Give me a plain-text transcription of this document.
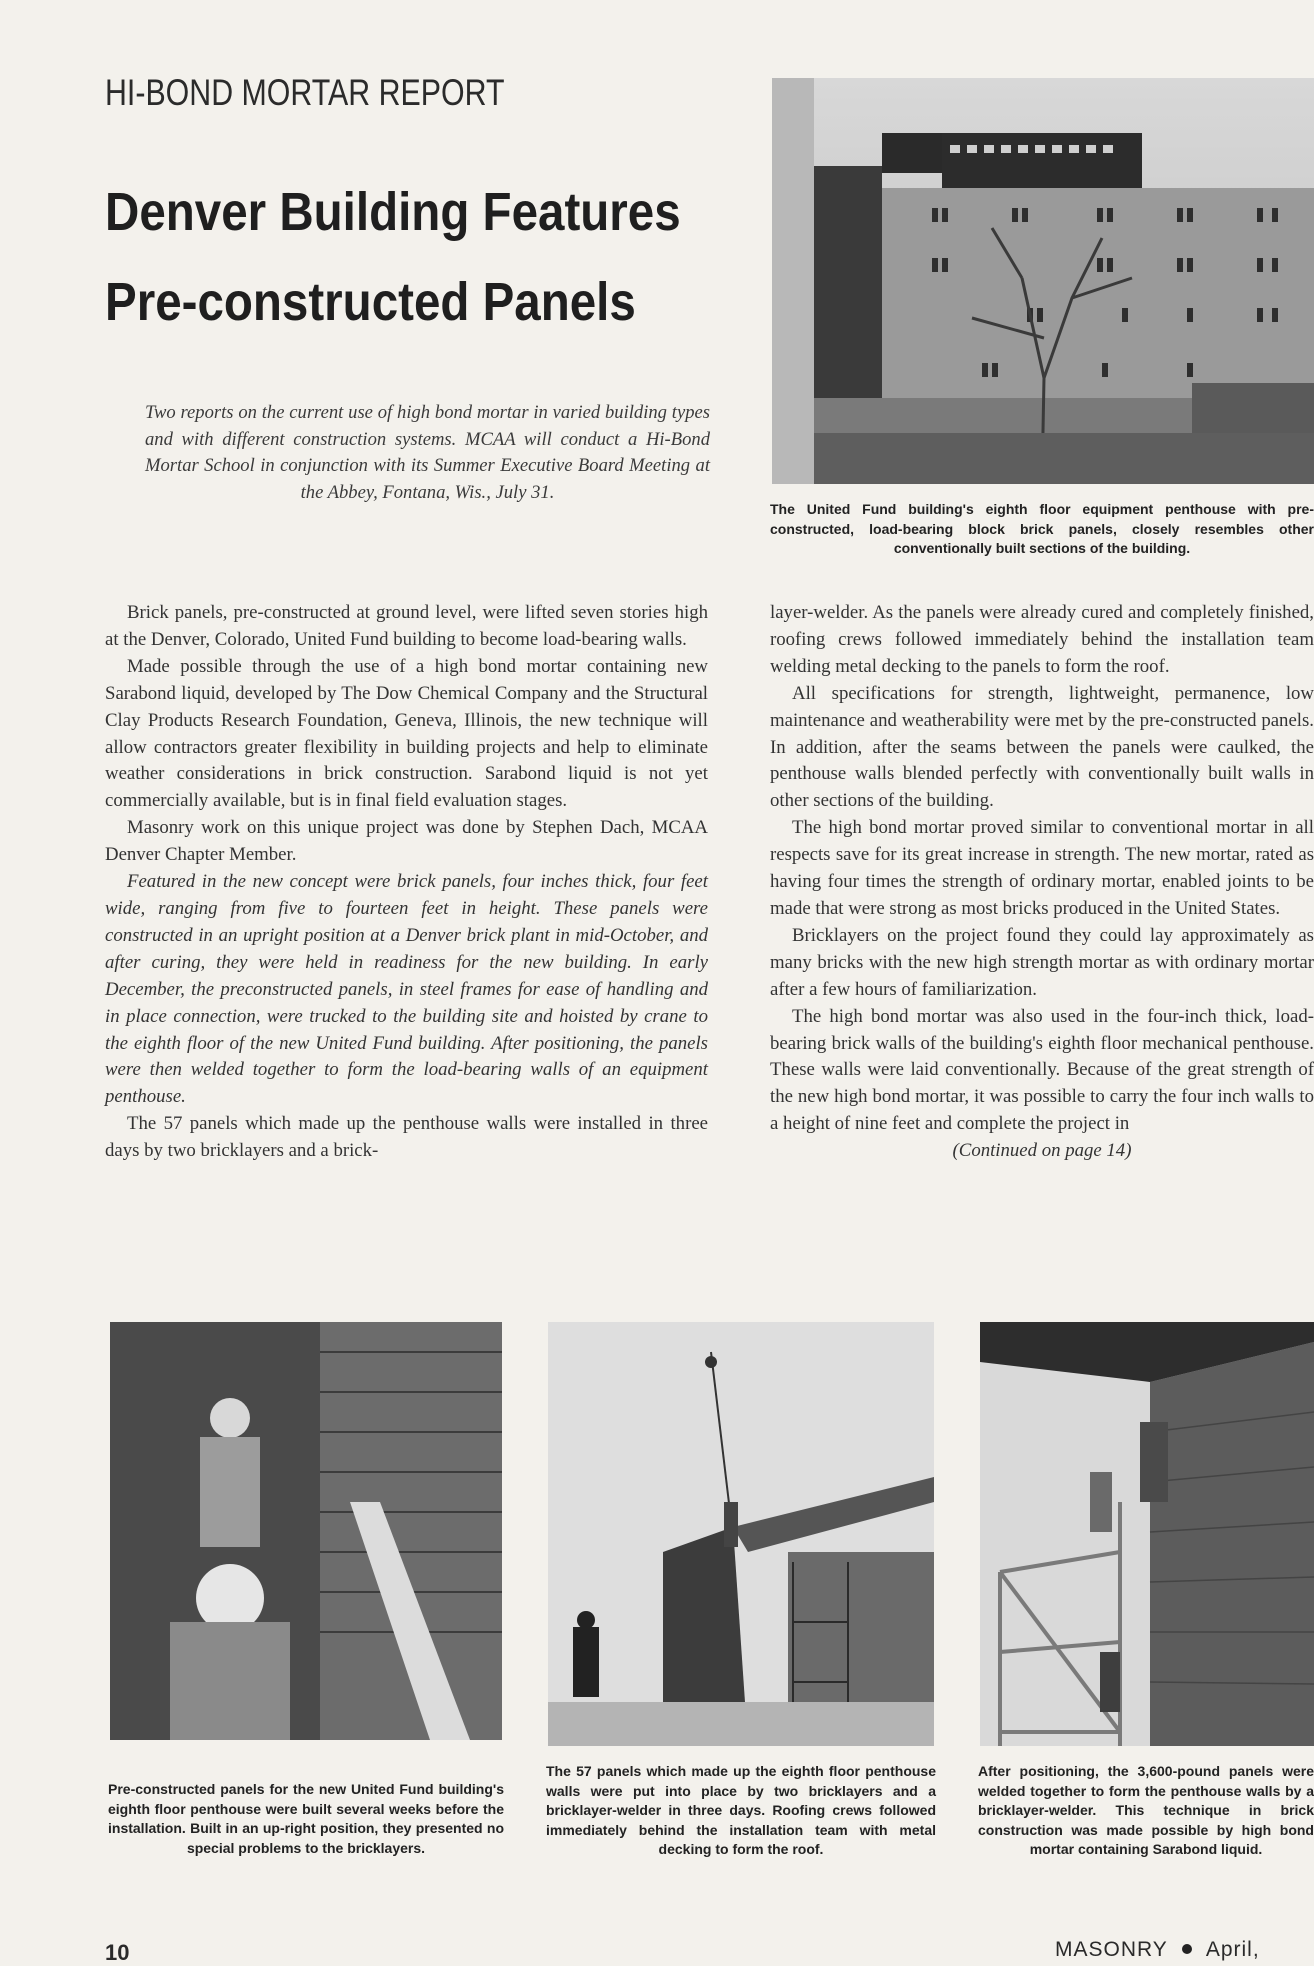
HI-BOND MORTAR REPORT
Denver Building Features
Pre-constructed Panels
Two reports on the current use of high bond mortar in varied building types and with different construction systems. MCAA will conduct a Hi-Bond Mortar School in conjunction with its Summer Executive Board Meeting at the Abbey, Fontana, Wis., July 31.
The United Fund building's eighth floor equipment penthouse with pre-constructed, load-bearing block brick panels, closely resembles other conventionally built sections of the building.

Brick panels, pre-constructed at ground level, were lifted seven stories high at the Denver, Colorado, United Fund building to become load-bearing walls.

Made possible through the use of a high bond mortar containing new Sarabond liquid, developed by The Dow Chemical Company and the Structural Clay Products Research Foundation, Geneva, Illinois, the new technique will allow contractors greater flexibility in building projects and help to eliminate weather considerations in brick construction. Sarabond liquid is not yet commercially available, but is in final field evaluation stages.

Masonry work on this unique project was done by Stephen Dach, MCAA Denver Chapter Member.

Featured in the new concept were brick panels, four inches thick, four feet wide, ranging from five to fourteen feet in height. These panels were constructed in an upright position at a Denver brick plant in mid-October, and after curing, they were held in readiness for the new building. In early December, the preconstructed panels, in steel frames for ease of handling and in place connection, were trucked to the building site and hoisted by crane to the eighth floor of the new United Fund building. After positioning, the panels were then welded together to form the load-bearing walls of an equipment penthouse.

The 57 panels which made up the penthouse walls were installed in three days by two bricklayers and a brick-

layer-welder. As the panels were already cured and completely finished, roofing crews followed immediately behind the installation team welding metal decking to the panels to form the roof.

All specifications for strength, lightweight, permanence, low maintenance and weatherability were met by the pre-constructed panels. In addition, after the seams between the panels were caulked, the penthouse walls blended perfectly with conventionally built walls in other sections of the building.

The high bond mortar proved similar to conventional mortar in all respects save for its great increase in strength. The new mortar, rated as having four times the strength of ordinary mortar, enabled joints to be made that were strong as most bricks produced in the United States.

Bricklayers on the project found they could lay approximately as many bricks with the new high strength mortar as with ordinary mortar after a few hours of familiarization.

The high bond mortar was also used in the four-inch thick, load-bearing brick walls of the building's eighth floor mechanical penthouse. These walls were laid conventionally. Because of the great strength of the new high bond mortar, it was possible to carry the four inch walls to a height of nine feet and complete the project in

(Continued on page 14)

Pre-constructed panels for the new United Fund building's eighth floor penthouse were built several weeks before the installation. Built in an up-right position, they presented no special problems to the bricklayers.
The 57 panels which made up the eighth floor penthouse walls were put into place by two bricklayers and a bricklayer-welder in three days. Roofing crews followed immediately behind the installation team with metal decking to form the roof.
After positioning, the 3,600-pound panels were welded together to form the penthouse walls by a bricklayer-welder. This technique in brick construction was made possible by high bond mortar containing Sarabond liquid.
10	MASONRY April,
